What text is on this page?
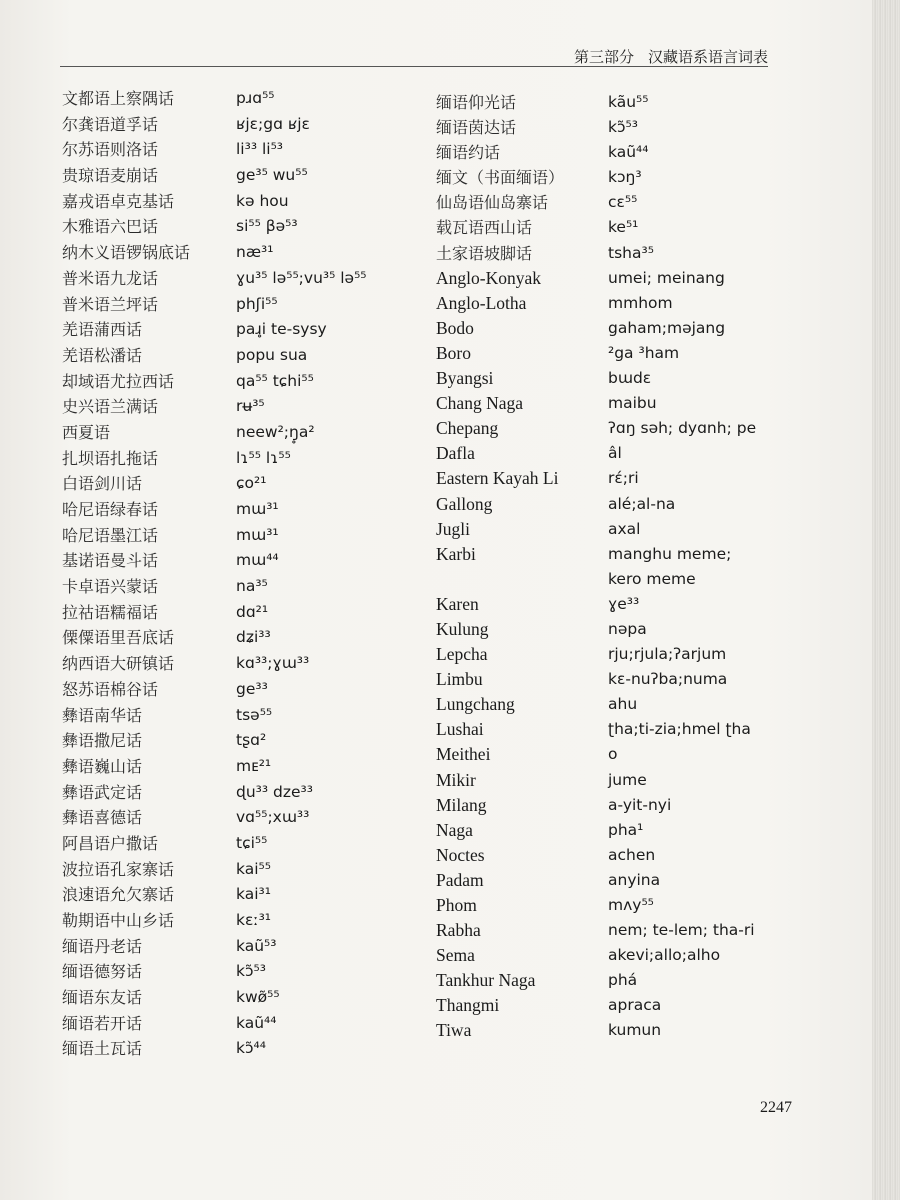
第三部分 汉藏语系语言词表
文都语上察隅话
尔龚语道孚话
尔苏语则洛话
贵琼语麦崩话
嘉戎语卓克基话
木雅语六巴话
纳木义语锣锅底话
普米语九龙话
普米语兰坪话
羌语蒲西话
羌语松潘话
却域语尤拉西话
史兴语兰满话
西夏语
扎坝语扎拖话
白语剑川话
哈尼语绿春话
哈尼语墨江话
基诺语曼斗话
卡卓语兴蒙话
拉祜语糯福话
傈僳语里吾底话
纳西语大研镇话
怒苏语棉谷话
彝语南华话
彝语撒尼话
彝语巍山话
彝语武定话
彝语喜德话
阿昌语户撒话
波拉语孔家寨话
浪速语允欠寨话
勒期语中山乡话
缅语丹老话
缅语德努话
缅语东友话
缅语若开话
缅语土瓦话
pɹɑ⁵⁵
ʁjɛ;gɑ ʁjɛ
li³³ li⁵³
ge³⁵ wu⁵⁵
kə hou
si⁵⁵ βə⁵³
næ³¹
ɣu³⁵ lə⁵⁵;vu³⁵ lə⁵⁵
phʃi⁵⁵
paɹ̥i te-sysy
popu sua
qa⁵⁵ tɕhi⁵⁵
rʉ³⁵
neew²;ŋ̥a²
lɿ⁵⁵ lɿ⁵⁵
ɕo²¹
mɯ³¹
mɯ³¹
mɯ⁴⁴
na³⁵
dɑ²¹
dʑi³³
kɑ³³;ɣɯ³³
ge³³
tsə⁵⁵
tʂɑ²
mᴇ²¹
ɖu³³ dze³³
vɑ⁵⁵;xɯ³³
tɕi⁵⁵
kai⁵⁵
kai³¹
kɛː³¹
kaũ⁵³
kɔ̃⁵³
kwø̃⁵⁵
kaũ⁴⁴
kɔ̃⁴⁴
缅语仰光话
缅语茵达话
缅语约话
缅文（书面缅语）
仙岛语仙岛寨话
载瓦语西山话
土家语坡脚话
Anglo-Konyak
Anglo-Lotha
Bodo
Boro
Byangsi
Chang Naga
Chepang
Dafla
Eastern Kayah Li
Gallong
Jugli
Karbi
Karen
Kulung
Lepcha
Limbu
Lungchang
Lushai
Meithei
Mikir
Milang
Naga
Noctes
Padam
Phom
Rabha
Sema
Tankhur Naga
Thangmi
Tiwa
kãu⁵⁵
kɔ̃⁵³
kaũ⁴⁴
kɔŋ³
cɛ⁵⁵
ke⁵¹
tsha³⁵
umei; meinang
mmhom
gaham;məjang
²ga ³ham
bɯdɛ
maibu
ʔɑŋ səh; dyɑnh; pe
âl
rɛ́;ri
alé;al-na
axal
manghu meme;
kero meme
ɣe³³
nəpa
rju;rjula;ʔarjum
kɛ-nuʔba;numa
ahu
ʈha;ti-zia;hmel ʈha
o
jume
a-yit-nyi
pha¹
achen
anyina
mʌy⁵⁵
nem; te-lem; tha-ri
akevi;allo;alho
phá
apraca
kumun
2247
